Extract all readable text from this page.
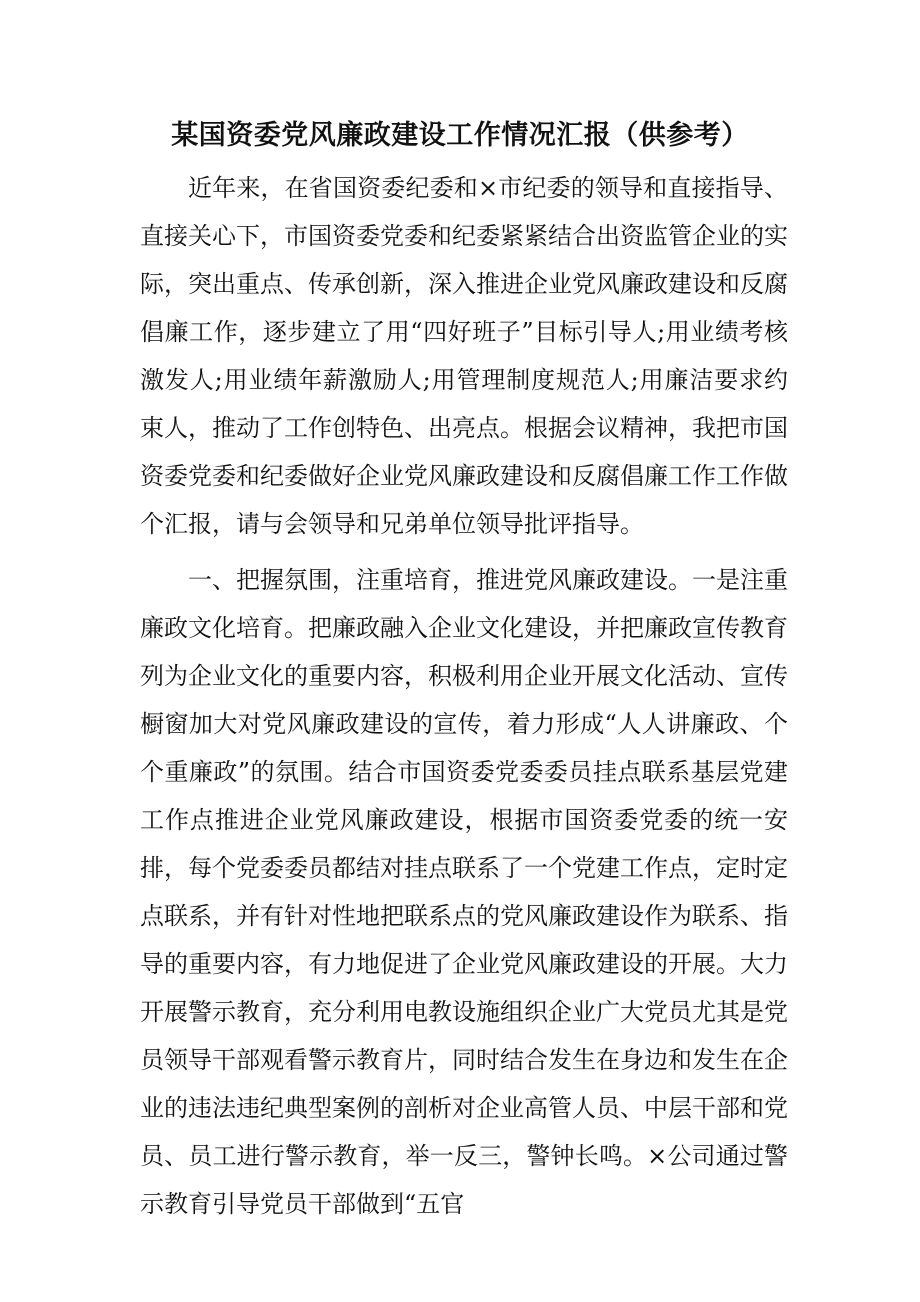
某国资委党风廉政建设工作情况汇报（供参考）

近年来，在省国资委纪委和×市纪委的领导和直接指导、直接关心下，市国资委党委和纪委紧紧结合出资监管企业的实际，突出重点、传承创新，深入推进企业党风廉政建设和反腐倡廉工作，逐步建立了用“四好班子”目标引导人;用业绩考核激发人;用业绩年薪激励人;用管理制度规范人;用廉洁要求约束人，推动了工作创特色、出亮点。根据会议精神，我把市国资委党委和纪委做好企业党风廉政建设和反腐倡廉工作工作做个汇报，请与会领导和兄弟单位领导批评指导。

一、把握氛围，注重培育，推进党风廉政建设。一是注重廉政文化培育。把廉政融入企业文化建设，并把廉政宣传教育列为企业文化的重要内容，积极利用企业开展文化活动、宣传橱窗加大对党风廉政建设的宣传，着力形成“人人讲廉政、个个重廉政”的氛围。结合市国资委党委委员挂点联系基层党建工作点推进企业党风廉政建设，根据市国资委党委的统一安排，每个党委委员都结对挂点联系了一个党建工作点，定时定点联系，并有针对性地把联系点的党风廉政建设作为联系、指导的重要内容，有力地促进了企业党风廉政建设的开展。大力开展警示教育，充分利用电教设施组织企业广大党员尤其是党员领导干部观看警示教育片，同时结合发生在身边和发生在企业的违法违纪典型案例的剖析对企业高管人员、中层干部和党员、员工进行警示教育，举一反三，警钟长鸣。×公司通过警示教育引导党员干部做到“五官
